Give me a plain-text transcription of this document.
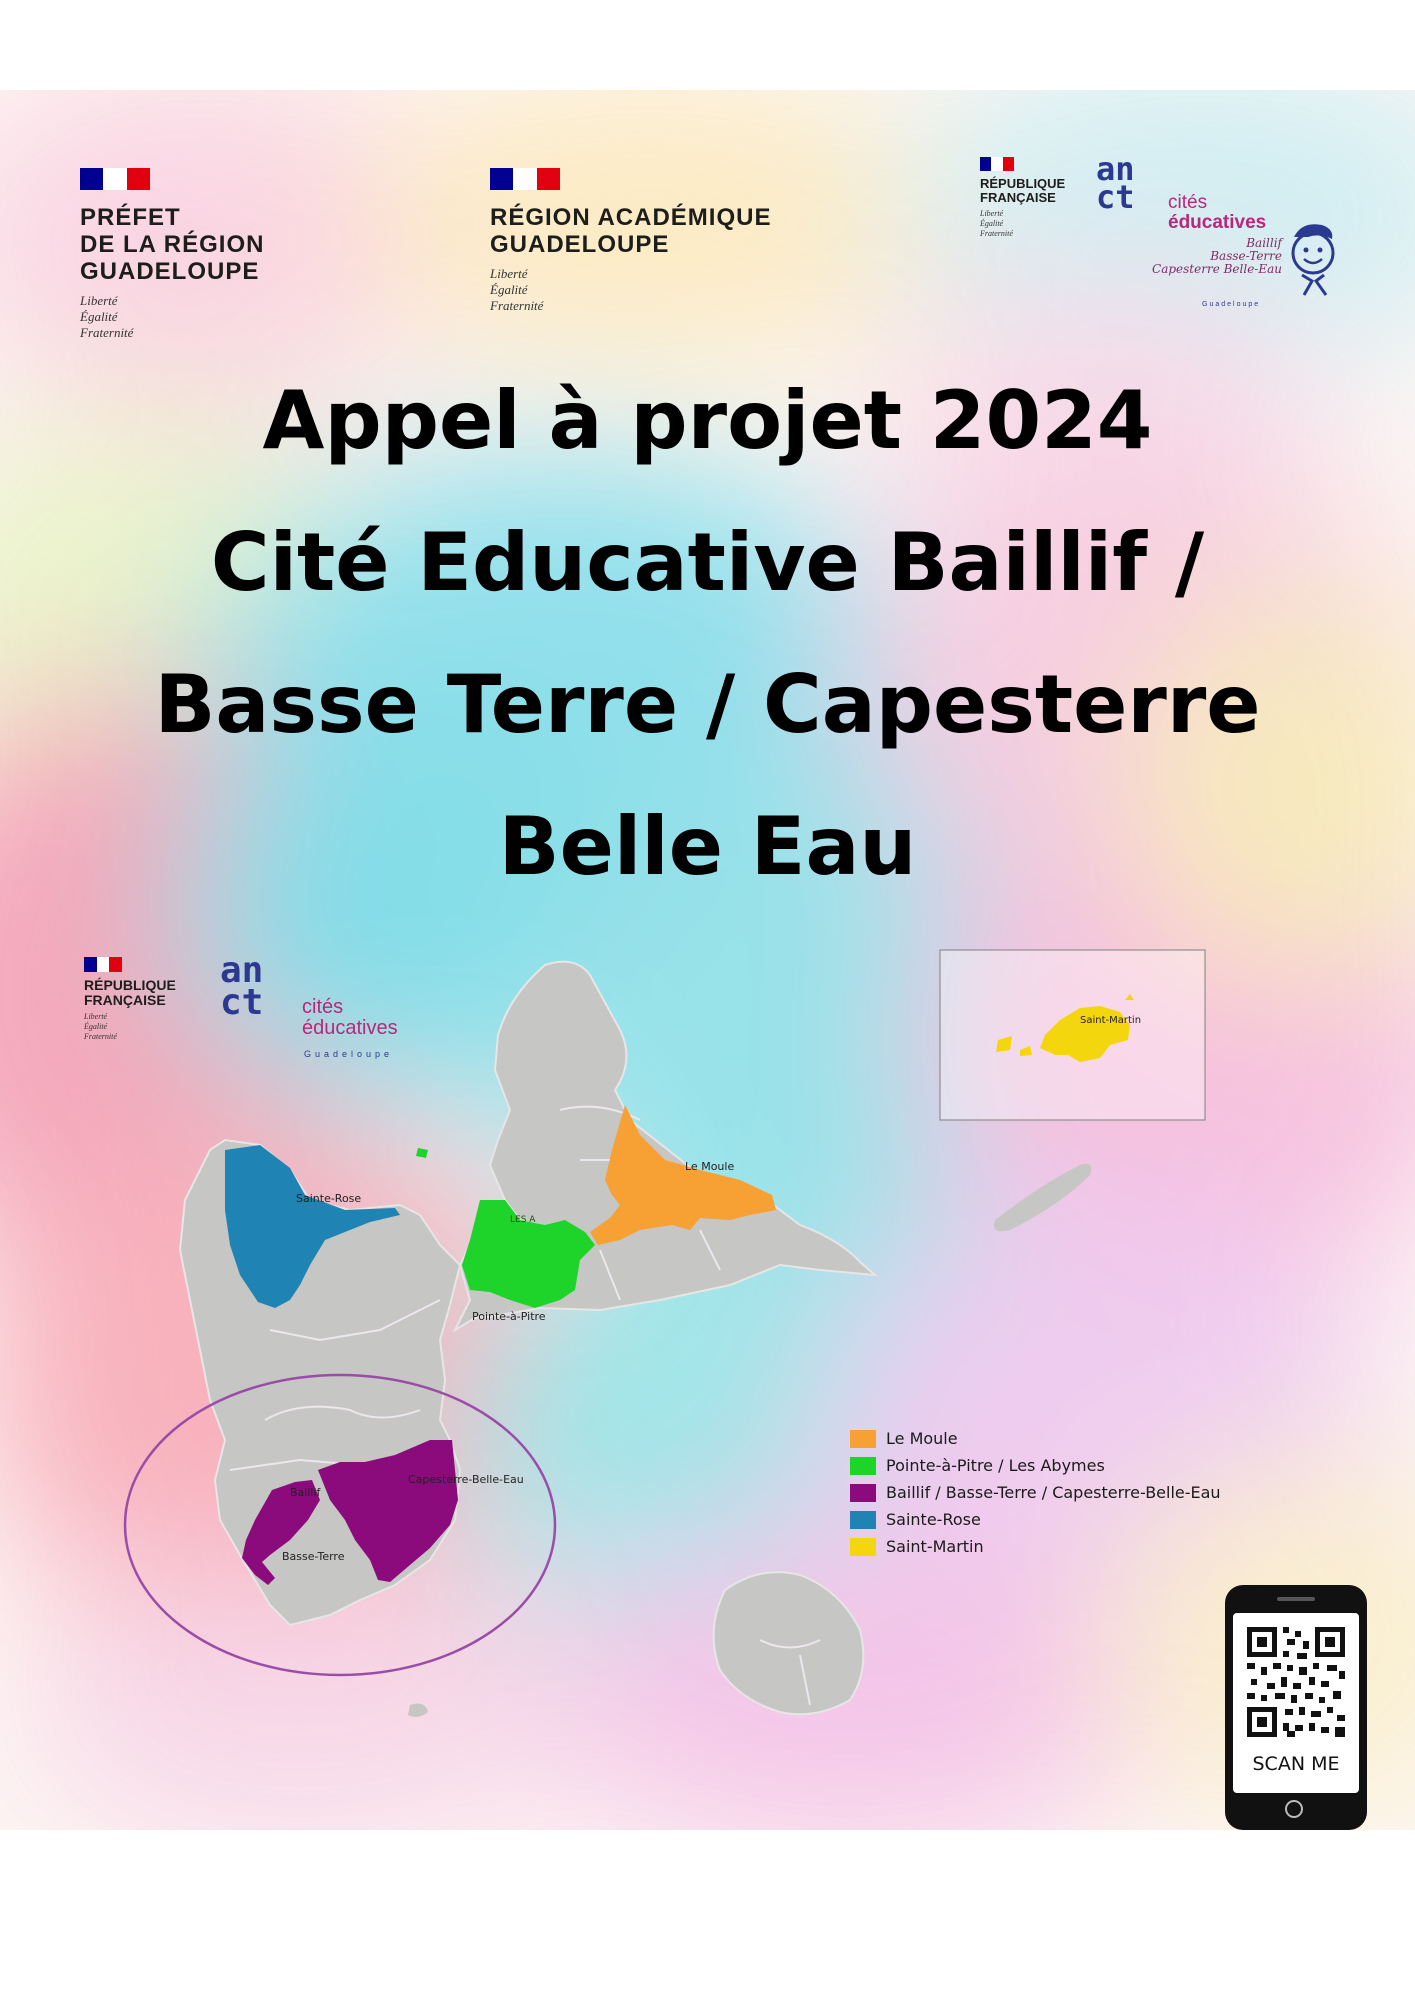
PRÉFET
DE LA RÉGION
GUADELOUPE
Liberté
Égalité
Fraternité
RÉGION ACADÉMIQUE
GUADELOUPE
Liberté
Égalité
Fraternité
RÉPUBLIQUE
FRANÇAISE
Liberté
Égalité
Fraternité
an
ct cités
éducatives
Baillif
Basse-Terre
Capesterre Belle-Eau
Guadeloupe
Appel à projet 2024
Cité Educative Baillif /
Basse Terre / Capesterre
Belle Eau
RÉPUBLIQUE
FRANÇAISE
Liberté
Égalité
Fraternité
an
ct cités
éducatives
Guadeloupe
Sainte-Rose
Le Moule
LES A
Pointe-à-Pitre
Baillif
Basse-Terre
Capesterre-Belle-Eau
Saint-Martin
Le Moule
Pointe-à-Pitre / Les Abymes
Baillif / Basse-Terre / Capesterre-Belle-Eau
Sainte-Rose
Saint-Martin
SCAN ME
